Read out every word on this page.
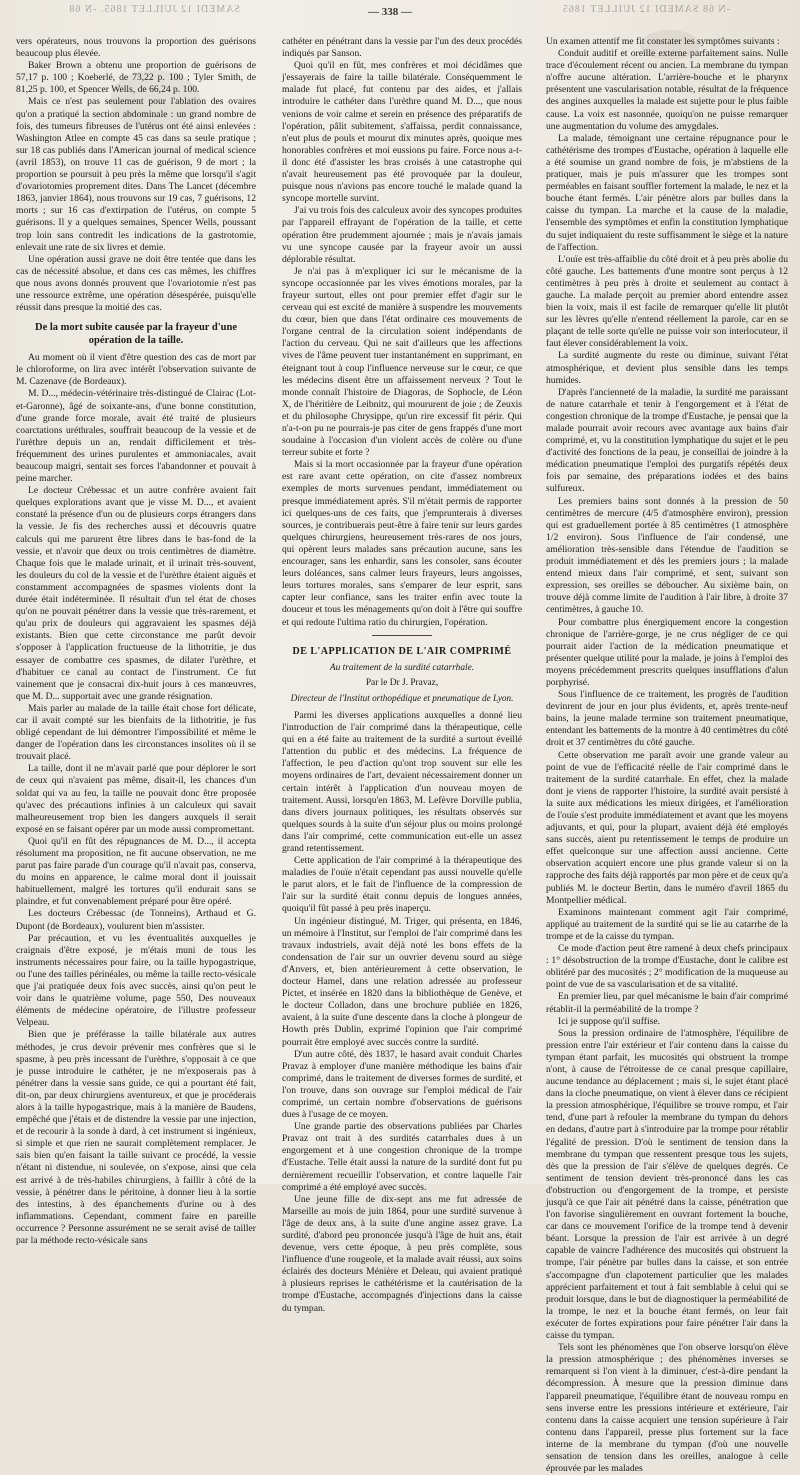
-N 68 SAMEDI 12 JUILLET 1865
SAMEDI 12 JUILLET 1865. -N 68	— 338 —

vers opérateurs, nous trouvons la proportion des guérisons beaucoup plus élevée.

Baker Brown a obtenu une proportion de guérisons de 57,17 p. 100 ; Koeberlé, de 73,22 p. 100 ; Tyler Smith, de 81,25 p. 100, et Spencer Wells, de 66,24 p. 100.

Mais ce n'est pas seulement pour l'ablation des ovaires qu'on a pratiqué la section abdominale : un grand nombre de fois, des tumeurs fibreuses de l'utérus ont été ainsi enlevées : Washington Atlee en compte 45 cas dans sa seule pratique ; sur 18 cas publiés dans l'American journal of medical science (avril 1853), on trouve 11 cas de guérison, 9 de mort ; la proportion se poursuit à peu près la même que lorsqu'il s'agit d'ovariotomies proprement dites. Dans The Lancet (décembre 1863, janvier 1864), nous trouvons sur 19 cas, 7 guérisons, 12 morts ; sur 16 cas d'extirpation de l'utérus, on compte 5 guérisons. Il y a quelques semaines, Spencer Wells, poussant trop loin sans contredit les indications de la gastrotomie, enlevait une rate de six livres et demie.

Une opération aussi grave ne doit être tentée que dans les cas de nécessité absolue, et dans ces cas mêmes, les chiffres que nous avons donnés prouvent que l'ovariotomie n'est pas une ressource extrême, une opération désespérée, puisqu'elle réussit dans presque la moitié des cas.

De la mort subite causée par la frayeur d'une opération de la taille.

Au moment où il vient d'être question des cas de mort par le chloroforme, on lira avec intérêt l'observation suivante de M. Cazenave (de Bordeaux).

M. D..., médecin-vétérinaire très-distingué de Clairac (Lot-et-Garonne), âgé de soixante-ans, d'une bonne constitution, d'une grande force morale, avait été traité de plusieurs coarctations uréthrales, souffrait beaucoup de la vessie et de l'urèthre depuis un an, rendait difficilement et très-fréquemment des urines purulentes et ammoniacales, avait beaucoup maigri, sentait ses forces l'abandonner et pouvait à peine marcher.

Le docteur Crébessac et un autre confrère avaient fait quelques explorations avant que je visse M. D..., et avaient constaté la présence d'un ou de plusieurs corps étrangers dans la vessie. Je fis des recherches aussi et découvris quatre calculs qui me parurent être libres dans le bas-fond de la vessie, et n'avoir que deux ou trois centimètres de diamètre. Chaque fois que le malade urinait, et il urinait très-souvent, les douleurs du col de la vessie et de l'urèthre étaient aiguës et constamment accompagnées de spasmes violents dont la durée était indéterminée. Il résultait d'un tel état de choses qu'on ne pouvait pénétrer dans la vessie que très-rarement, et qu'au prix de douleurs qui aggravaient les spasmes déjà existants. Bien que cette circonstance me parût devoir s'opposer à l'application fructueuse de la lithotritie, je dus essayer de combattre ces spasmes, de dilater l'urèthre, et d'habituer ce canal au contact de l'instrument. Ce fut vainement que je consacrai dix-huit jours à ces manœuvres, que M. D... supportait avec une grande résignation.

Mais parler au malade de la taille était chose fort délicate, car il avait compté sur les bienfaits de la lithotritie, je fus obligé cependant de lui démontrer l'impossibilité et même le danger de l'opération dans les circonstances insolites où il se trouvait placé.

La taille, dont il ne m'avait parlé que pour déplorer le sort de ceux qui n'avaient pas même, disait-il, les chances d'un soldat qui va au feu, la taille ne pouvait donc être proposée qu'avec des précautions infinies à un calculeux qui savait malheureusement trop bien les dangers auxquels il serait exposé en se faisant opérer par un mode aussi compromettant.

Quoi qu'il en fût des répugnances de M. D..., il accepta résolument ma proposition, ne fit aucune observation, ne me parut pas faire parade d'un courage qu'il n'avait pas, conserva, du moins en apparence, le calme moral dont il jouissait habituellement, malgré les tortures qu'il endurait sans se plaindre, et fut convenablement préparé pour être opéré.

Les docteurs Crébessac (de Tonneins), Arthaud et G. Dupont (de Bordeaux), voulurent bien m'assister.

Par précaution, et vu les éventualités auxquelles je craignais d'être exposé, je m'étais muni de tous les instruments nécessaires pour faire, ou la taille hypogastrique, ou l'une des tailles périnéales, ou même la taille recto-vésicale que j'ai pratiquée deux fois avec succès, ainsi qu'on peut le voir dans le quatrième volume, page 550, Des nouveaux éléments de médecine opératoire, de l'illustre professeur Velpeau.

Bien que je préférasse la taille bilatérale aux autres méthodes, je crus devoir prévenir mes confrères que si le spasme, à peu près incessant de l'urèthre, s'opposait à ce que je pusse introduire le cathéter, je ne m'exposerais pas à pénétrer dans la vessie sans guide, ce qui a pourtant été fait, dit-on, par deux chirurgiens aventureux, et que je procéderais alors à la taille hypogastrique, mais à la manière de Baudens, empêché que j'étais et de distendre la vessie par une injection, et de recourir à la sonde à dard, à cet instrument si ingénieux, si simple et que rien ne saurait complètement remplacer. Je sais bien qu'en faisant la taille suivant ce procédé, la vessie n'étant ni distendue, ni soulevée, on s'expose, ainsi que cela est arrivé à de très-habiles chirurgiens, à faillir à côté de la vessie, à pénétrer dans le péritoine, à donner lieu à la sortie des intestins, à des épanchements d'urine ou à des inflammations. Cependant, comment faire en pareille occurrence ? Personne assurément ne se serait avisé de tailler par la méthode recto-vésicale sans

cathéter en pénétrant dans la vessie par l'un des deux procédés indiqués par Sanson.

Quoi qu'il en fût, mes confrères et moi décidâmes que j'essayerais de faire la taille bilatérale. Conséquemment le malade fut placé, fut contenu par des aides, et j'allais introduire le cathéter dans l'urèthre quand M. D..., que nous venions de voir calme et serein en présence des préparatifs de l'opération, pâlit subitement, s'affaissa, perdit connaissance, n'eut plus de pouls et mourut dix minutes après, quoique mes honorables confrères et moi eussions pu faire. Force nous a-t-il donc été d'assister les bras croisés à une catastrophe qui n'avait heureusement pas été provoquée par la douleur, puisque nous n'avions pas encore touché le malade quand la syncope mortelle survint.

J'ai vu trois fois des calculeux avoir des syncopes produites par l'appareil effrayant de l'opération de la taille, et cette opération être prudemment ajournée ; mais je n'avais jamais vu une syncope causée par la frayeur avoir un aussi déplorable résultat.

Je n'ai pas à m'expliquer ici sur le mécanisme de la syncope occasionnée par les vives émotions morales, par la frayeur surtout, elles ont pour premier effet d'agir sur le cerveau qui est excité de manière à suspendre les mouvements du cœur, bien que dans l'état ordinaire ces mouvements de l'organe central de la circulation soient indépendants de l'action du cerveau. Qui ne sait d'ailleurs que les affections vives de l'âme peuvent tuer instantanément en supprimant, en éteignant tout à coup l'influence nerveuse sur le cœur, ce que les médecins disent être un affaissement nerveux ? Tout le monde connaît l'histoire de Diagoras, de Sophocle, de Léon X, de l'héritière de Leibnitz, qui moururent de joie ; de Zeuxis et du philosophe Chrysippe, qu'un rire excessif fit périr. Qui n'a-t-on pu ne pourrais-je pas citer de gens frappés d'une mort soudaine à l'occasion d'un violent accès de colère ou d'une terreur subite et forte ?

Mais si la mort occasionnée par la frayeur d'une opération est rare avant cette opération, on cite d'assez nombreux exemples de morts survenues pendant, immédiatement ou presque immédiatement après. S'il m'était permis de rapporter ici quelques-uns de ces faits, que j'emprunterais à diverses sources, je contribuerais peut-être à faire tenir sur leurs gardes quelques chirurgiens, heureusement très-rares de nos jours, qui opèrent leurs malades sans précaution aucune, sans les encourager, sans les enhardir, sans les consoler, sans écouter leurs doléances, sans calmer leurs frayeurs, leurs angoisses, leurs tortures morales, sans s'emparer de leur esprit, sans capter leur confiance, sans les traiter enfin avec toute la douceur et tous les ménagements qu'on doit à l'être qui souffre et qui redoute l'ultima ratio du chirurgien, l'opération.

DE L'APPLICATION DE L'AIR COMPRIMÉ
Au traitement de la surdité catarrhale.
Par le Dr J. Pravaz,
Directeur de l'Institut orthopédique et pneumatique de Lyon.

Parmi les diverses applications auxquelles a donné lieu l'introduction de l'air comprimé dans la thérapeutique, celle qui en a été faite au traitement de la surdité a surtout éveillé l'attention du public et des médecins. La fréquence de l'affection, le peu d'action qu'ont trop souvent sur elle les moyens ordinaires de l'art, devaient nécessairement donner un certain intérêt à l'application d'un nouveau moyen de traitement. Aussi, lorsqu'en 1863, M. Lefèvre Dorville publia, dans divers journaux politiques, les résultats observés sur quelques sourds à la suite d'un séjour plus ou moins prolongé dans l'air comprimé, cette communication eut-elle un assez grand retentissement.

Cette application de l'air comprimé à la thérapeutique des maladies de l'ouïe n'était cependant pas aussi nouvelle qu'elle le parut alors, et le fait de l'influence de la compression de l'air sur la surdité était connu depuis de longues années, quoiqu'il fût passé à peu près inaperçu.

Un ingénieur distingué, M. Triger, qui présenta, en 1846, un mémoire à l'Institut, sur l'emploi de l'air comprimé dans les travaux industriels, avait déjà noté les bons effets de la condensation de l'air sur un ouvrier devenu sourd au siège d'Anvers, et, bien antérieurement à cette observation, le docteur Hamel, dans une relation adressée au professeur Pictet, et insérée en 1820 dans la bibliothèque de Genève, et le docteur Colladon, dans une brochure publiée en 1826, avaient, à la suite d'une descente dans la cloche à plongeur de Howth près Dublin, exprimé l'opinion que l'air comprimé pourrait être employé avec succès contre la surdité.

D'un autre côté, dès 1837, le hasard avait conduit Charles Pravaz à employer d'une manière méthodique les bains d'air comprimé, dans le traitement de diverses formes de surdité, et l'on trouve, dans son ouvrage sur l'emploi médical de l'air comprimé, un certain nombre d'observations de guérisons dues à l'usage de ce moyen.

Une grande partie des observations publiées par Charles Pravaz ont trait à des surdités catarrhales dues à un engorgement et à une congestion chronique de la trompe d'Eustache. Telle était aussi la nature de la surdité dont fut pu dernièrement recueillir l'observation, et contre laquelle l'air comprimé a été employé avec succès.

Une jeune fille de dix-sept ans me fut adressée de Marseille au mois de juin 1864, pour une surdité survenue à l'âge de deux ans, à la suite d'une angine assez grave. La surdité, d'abord peu prononcée jusqu'à l'âge de huit ans, était devenue, vers cette époque, à peu près complète, sous l'influence d'une rougeole, et la malade avait réussi, aux soins éclairés des docteurs Ménière et Deleau, qui avaient pratiqué à plusieurs reprises le cathétérisme et la cautérisation de la trompe d'Eustache, accompagnés d'injections dans la caisse du tympan.

Un examen attentif me fit constater les symptômes suivants :

Conduit auditif et oreille externe parfaitement sains. Nulle trace d'écoulement récent ou ancien. La membrane du tympan n'offre aucune altération. L'arrière-bouche et le pharynx présentent une vascularisation notable, résultat de la fréquence des angines auxquelles la malade est sujette pour le plus faible cause. La voix est nasonnée, quoiqu'on ne puisse remarquer une augmentation du volume des amygdales.

La malade, témoignant une certaine répugnance pour le cathétérisme des trompes d'Eustache, opération à laquelle elle a été soumise un grand nombre de fois, je m'abstiens de la pratiquer, mais je puis m'assurer que les trompes sont perméables en faisant souffler fortement la malade, le nez et la bouche étant fermés. L'air pénètre alors par bulles dans la caisse du tympan. La marche et la cause de la maladie, l'ensemble des symptômes et enfin la constitution lymphatique du sujet indiquaient du reste suffisamment le siège et la nature de l'affection.

L'ouïe est très-affaiblie du côté droit et à peu près abolie du côté gauche. Les battements d'une montre sont perçus à 12 centimètres à peu près à droite et seulement au contact à gauche. La malade perçoit au premier abord entendre assez bien la voix, mais il est facile de remarquer qu'elle lit plutôt sur les lèvres qu'elle n'entend réellement la parole, car en se plaçant de telle sorte qu'elle ne puisse voir son interlocuteur, il faut élever considérablement la voix.

La surdité augmente du reste ou diminue, suivant l'état atmosphérique, et devient plus sensible dans les temps humides.

D'après l'ancienneté de la maladie, la surdité me paraissant de nature catarrhale et tenir à l'engorgement et à l'état de congestion chronique de la trompe d'Eustache, je pensai que la malade pourrait avoir recours avec avantage aux bains d'air comprimé, et, vu la constitution lymphatique du sujet et le peu d'activité des fonctions de la peau, je conseillai de joindre à la médication pneumatique l'emploi des purgatifs répétés deux fois par semaine, des préparations iodées et des bains sulfureux.

Les premiers bains sont donnés à la pression de 50 centimètres de mercure (4/5 d'atmosphère environ), pression qui est graduellement portée à 85 centimètres (1 atmosphère 1/2 environ). Sous l'influence de l'air condensé, une amélioration très-sensible dans l'étendue de l'audition se produit immédiatement et dès les premiers jours ; la malade entend mieux dans l'air comprimé, et sent, suivant son expression, ses oreilles se déboucher. Au sixième bain, on trouve déjà comme limite de l'audition à l'air libre, à droite 37 centimètres, à gauche 10.

Pour combattre plus énergiquement encore la congestion chronique de l'arrière-gorge, je ne crus négliger de ce qui pourrait aider l'action de la médication pneumatique et présenter quelque utilité pour la malade, je joins à l'emploi des moyens précédemment prescrits quelques insufflations d'alun porphyrisé.

Sous l'influence de ce traitement, les progrès de l'audition devinrent de jour en jour plus évidents, et, après trente-neuf bains, la jeune malade termine son traitement pneumatique, entendant les battements de la montre à 40 centimètres du côté droit et 37 centimètres du côté gauche.

Cette observation me paraît avoir une grande valeur au point de vue de l'efficacité réelle de l'air comprimé dans le traitement de la surdité catarrhale. En effet, chez la malade dont je viens de rapporter l'histoire, la surdité avait persisté à la suite aux médications les mieux dirigées, et l'amélioration de l'ouïe s'est produite immédiatement et avant que les moyens adjuvants, et qui, pour la plupart, avaient déjà été employés sans succès, aient pu retentissement le temps de produire un effet quelconque sur une affection aussi ancienne. Cette observation acquiert encore une plus grande valeur si on la rapproche des faits déjà rapportés par mon père et de ceux qu'a publiés M. le docteur Bertin, dans le numéro d'avril 1865 du Montpellier médical.

Examinons maintenant comment agit l'air comprimé, appliqué au traitement de la surdité qui se lie au catarrhe de la trompe et de la caisse du tympan.

Ce mode d'action peut être ramené à deux chefs principaux : 1° désobstruction de la trompe d'Eustache, dont le calibre est oblitéré par des mucosités ; 2° modification de la muqueuse au point de vue de sa vascularisation et de sa vitalité.

En premier lieu, par quel mécanisme le bain d'air comprimé rétablit-il la perméabilité de la trompe ?

Ici je suppose qu'il suffise.

Sous la pression ordinaire de l'atmosphère, l'équilibre de pression entre l'air extérieur et l'air contenu dans la caisse du tympan étant parfait, les mucosités qui obstruent la trompe n'ont, à cause de l'étroitesse de ce canal presque capillaire, aucune tendance au déplacement ; mais si, le sujet étant placé dans la cloche pneumatique, on vient à élever dans ce récipient la pression atmosphérique, l'équilibre se trouve rompu, et l'air tend, d'une part à refouler la membrane du tympan du dehors en dedans, d'autre part à s'introduire par la trompe pour rétablir l'égalité de pression. D'où le sentiment de tension dans la membrane du tympan que ressentent presque tous les sujets, dès que la pression de l'air s'élève de quelques degrés. Ce sentiment de tension devient très-prononcé dans les cas d'obstruction ou d'engorgement de la trompe, et persiste jusqu'à ce que l'air ait pénétré dans la caisse, pénétration que l'on favorise singulièrement en ouvrant fortement la bouche, car dans ce mouvement l'orifice de la trompe tend à devenir béant. Lorsque la pression de l'air est arrivée à un degré capable de vaincre l'adhérence des mucosités qui obstruent la trompe, l'air pénètre par bulles dans la caisse, et son entrée s'accompagne d'un clapotement particulier que les malades apprécient parfaitement et tout à fait semblable à celui qui se produit lorsque, dans le but de diagnostiquer la perméabilité de la trompe, le nez et la bouche étant fermés, on leur fait exécuter de fortes expirations pour faire pénétrer l'air dans la caisse du tympan.

Tels sont les phénomènes que l'on observe lorsqu'on élève la pression atmosphérique ; des phénomènes inverses se remarquent si l'on vient à la diminuer, c'est-à-dire pendant la décompression. À mesure que la pression diminue dans l'appareil pneumatique, l'équilibre étant de nouveau rompu en sens inverse entre les pressions intérieure et extérieure, l'air contenu dans la caisse acquiert une tension supérieure à l'air contenu dans l'appareil, presse plus fortement sur la face interne de la membrane du tympan (d'où une nouvelle sensation de tension dans les oreilles, analogue à celle éprouvée par les malades
